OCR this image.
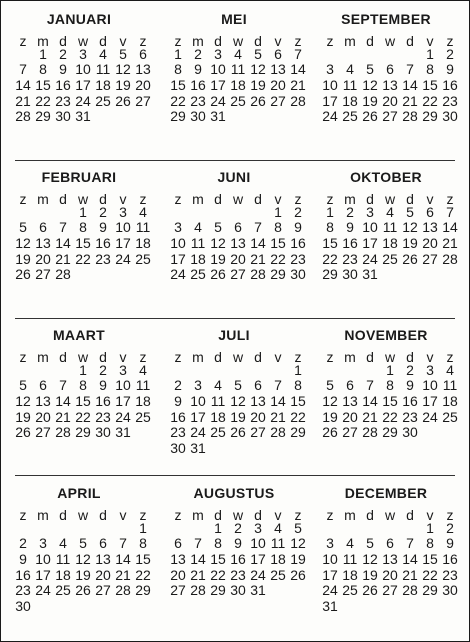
JANUARI
z m d w d v z
1 2 3 4 5 6
7 8 9 10 11 12 13
14 15 16 17 18 19 20
21 22 23 24 25 26 27
28 29 30 31
MEI
z m d w d v z
1 2 3 4 5 6 7
8 9 10 11 12 13 14
15 16 17 18 19 20 21
22 23 24 25 26 27 28
29 30 31
SEPTEMBER
z m d w d v z
1 2
3 4 5 6 7 8 9
10 11 12 13 14 15 16
17 18 19 20 21 22 23
24 25 26 27 28 29 30
FEBRUARI
z m d w d v z
1 2 3 4
5 6 7 8 9 10 11
12 13 14 15 16 17 18
19 20 21 22 23 24 25
26 27 28
JUNI
z m d w d v z
1 2
3 4 5 6 7 8 9
10 11 12 13 14 15 16
17 18 19 20 21 22 23
24 25 26 27 28 29 30
OKTOBER
z m d w d v z
1 2 3 4 5 6 7
8 9 10 11 12 13 14
15 16 17 18 19 20 21
22 23 24 25 26 27 28
29 30 31
MAART
z m d w d v z
1 2 3 4
5 6 7 8 9 10 11
12 13 14 15 16 17 18
19 20 21 22 23 24 25
26 27 28 29 30 31
JULI
z m d w d v z
1
2 3 4 5 6 7 8
9 10 11 12 13 14 15
16 17 18 19 20 21 22
23 24 25 26 27 28 29
30 31
NOVEMBER
z m d w d v z
1 2 3 4
5 6 7 8 9 10 11
12 13 14 15 16 17 18
19 20 21 22 23 24 25
26 27 28 29 30
APRIL
z m d w d v z
1
2 3 4 5 6 7 8
9 10 11 12 13 14 15
16 17 18 19 20 21 22
23 24 25 26 27 28 29
30
AUGUSTUS
z m d w d v z
1 2 3 4 5
6 7 8 9 10 11 12
13 14 15 16 17 18 19
20 21 22 23 24 25 26
27 28 29 30 31
DECEMBER
z m d w d v z
1 2
3 4 5 6 7 8 9
10 11 12 13 14 15 16
17 18 19 20 21 22 23
24 25 26 27 28 29 30
31
